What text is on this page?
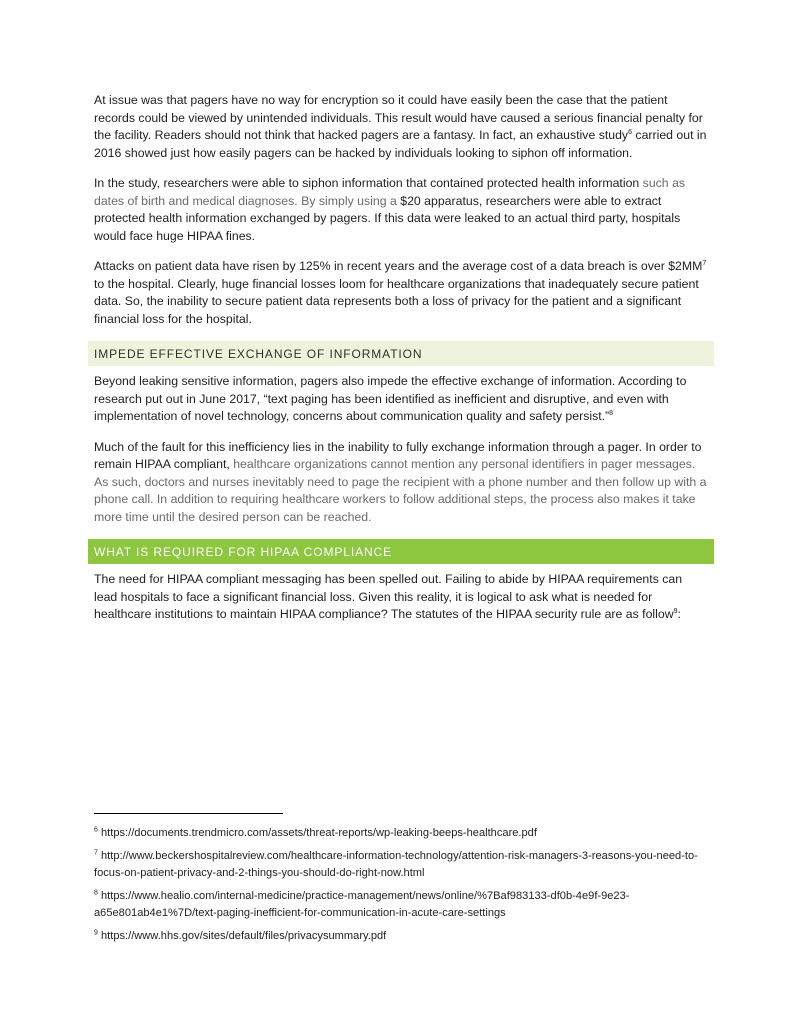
At issue was that pagers have no way for encryption so it could have easily been the case that the patient records could be viewed by unintended individuals. This result would have caused a serious financial penalty for the facility. Readers should not think that hacked pagers are a fantasy. In fact, an exhaustive study$^6$ carried out in 2016 showed just how easily pagers can be hacked by individuals looking to siphon off information.

In the study, researchers were able to siphon information that contained protected health information such as dates of birth and medical diagnoses. By simply using a $20 apparatus, researchers were able to extract protected health information exchanged by pagers. If this data were leaked to an actual third party, hospitals would face huge HIPAA fines.

Attacks on patient data have risen by 125% in recent years and the average cost of a data breach is over $\$2MM^7$ to the hospital. Clearly, huge financial losses loom for healthcare organizations that inadequately secure patient data. So, the inability to secure patient data represents both a loss of privacy for the patient and a significant financial loss for the hospital.

IMPEDE EFFECTIVE EXCHANGE OF INFORMATION

Beyond leaking sensitive information, pagers also impede the effective exchange of information. According to research put out in June 2017, “text paging has been identified as inefficient and disruptive, and even with implementation of novel technology, concerns about communication quality and safety persist.”$^8$

Much of the fault for this inefficiency lies in the inability to fully exchange information through a pager. In order to remain HIPAA compliant, healthcare organizations cannot mention any personal identifiers in pager messages. As such, doctors and nurses inevitably need to page the recipient with a phone number and then follow up with a phone call. In addition to requiring healthcare workers to follow additional steps, the process also makes it take more time until the desired person can be reached.

WHAT IS REQUIRED FOR HIPAA COMPLIANCE

The need for HIPAA compliant messaging has been spelled out. Failing to abide by HIPAA requirements can lead hospitals to face a significant financial loss. Given this reality, it is logical to ask what is needed for healthcare institutions to maintain HIPAA compliance? The statutes of the HIPAA security rule are as follow$^9$:

$^6$ https://documents.trendmicro.com/assets/threat-reports/wp-leaking-beeps-healthcare.pdf

$^7$ http://www.beckershospitalreview.com/healthcare-information-technology/attention-risk-managers-3-reasons-you-need-to-focus-on-patient-privacy-and-2-things-you-should-do-right-now.html

$^8$ https://www.healio.com/internal-medicine/practice-management/news/online/%7Baf983133-df0b-4e9f-9e23-a65e801ab4e1%7D/text-paging-inefficient-for-communication-in-acute-care-settings

$^9$ https://www.hhs.gov/sites/default/files/privacysummary.pdf
